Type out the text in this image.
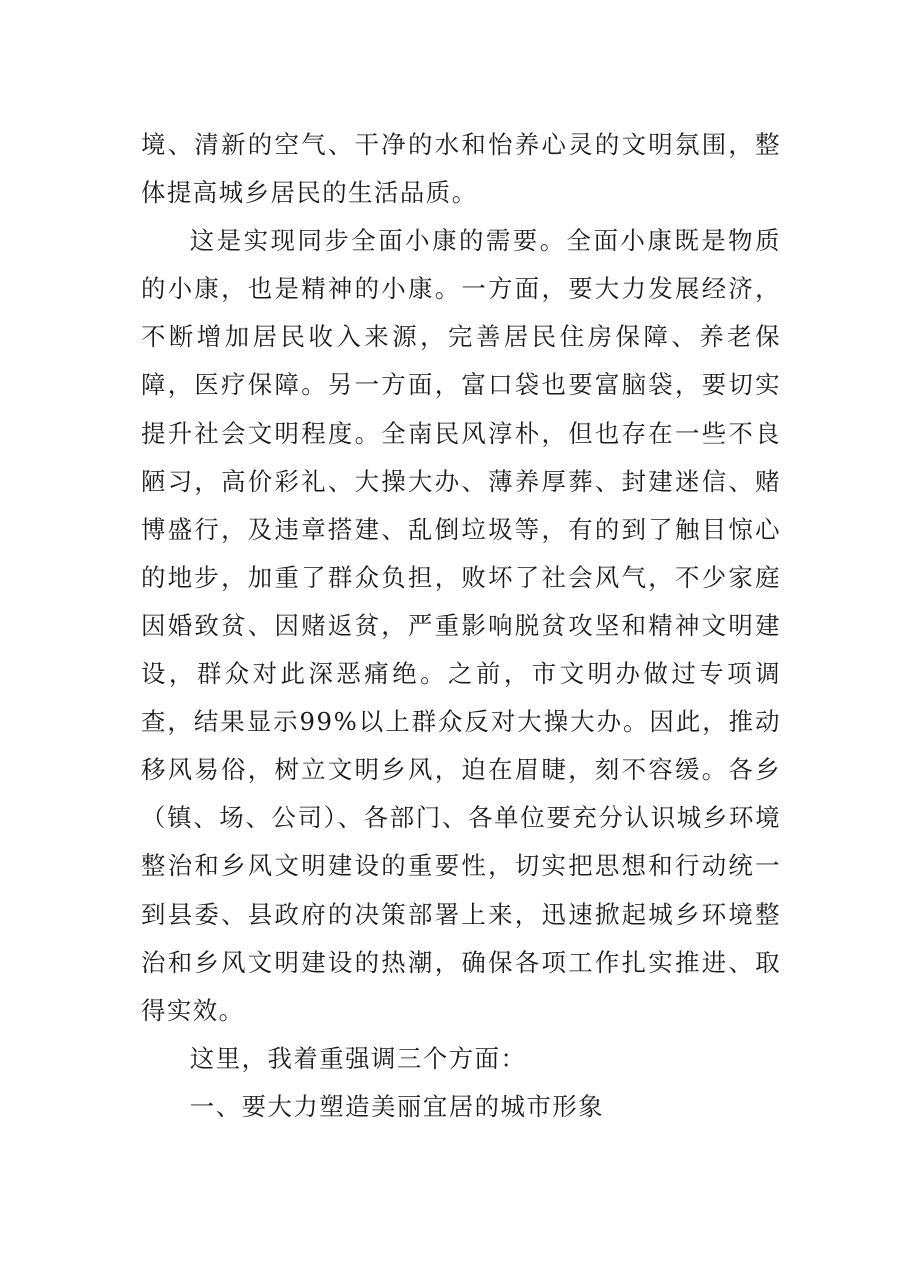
境、清新的空气、干净的水和怡养心灵的文明氛围，整体提高城乡居民的生活品质。

这是实现同步全面小康的需要。全面小康既是物质的小康，也是精神的小康。一方面，要大力发展经济，不断增加居民收入来源，完善居民住房保障、养老保障，医疗保障。另一方面，富口袋也要富脑袋，要切实提升社会文明程度。全南民风淳朴，但也存在一些不良陋习，高价彩礼、大操大办、薄养厚葬、封建迷信、赌博盛行，及违章搭建、乱倒垃圾等，有的到了触目惊心的地步，加重了群众负担，败坏了社会风气，不少家庭因婚致贫、因赌返贫，严重影响脱贫攻坚和精神文明建设，群众对此深恶痛绝。之前，市文明办做过专项调查，结果显示99%以上群众反对大操大办。因此，推动移风易俗，树立文明乡风，迫在眉睫，刻不容缓。各乡（镇、场、公司）、各部门、各单位要充分认识城乡环境整治和乡风文明建设的重要性，切实把思想和行动统一到县委、县政府的决策部署上来，迅速掀起城乡环境整治和乡风文明建设的热潮，确保各项工作扎实推进、取得实效。

这里，我着重强调三个方面：

一、要大力塑造美丽宜居的城市形象
